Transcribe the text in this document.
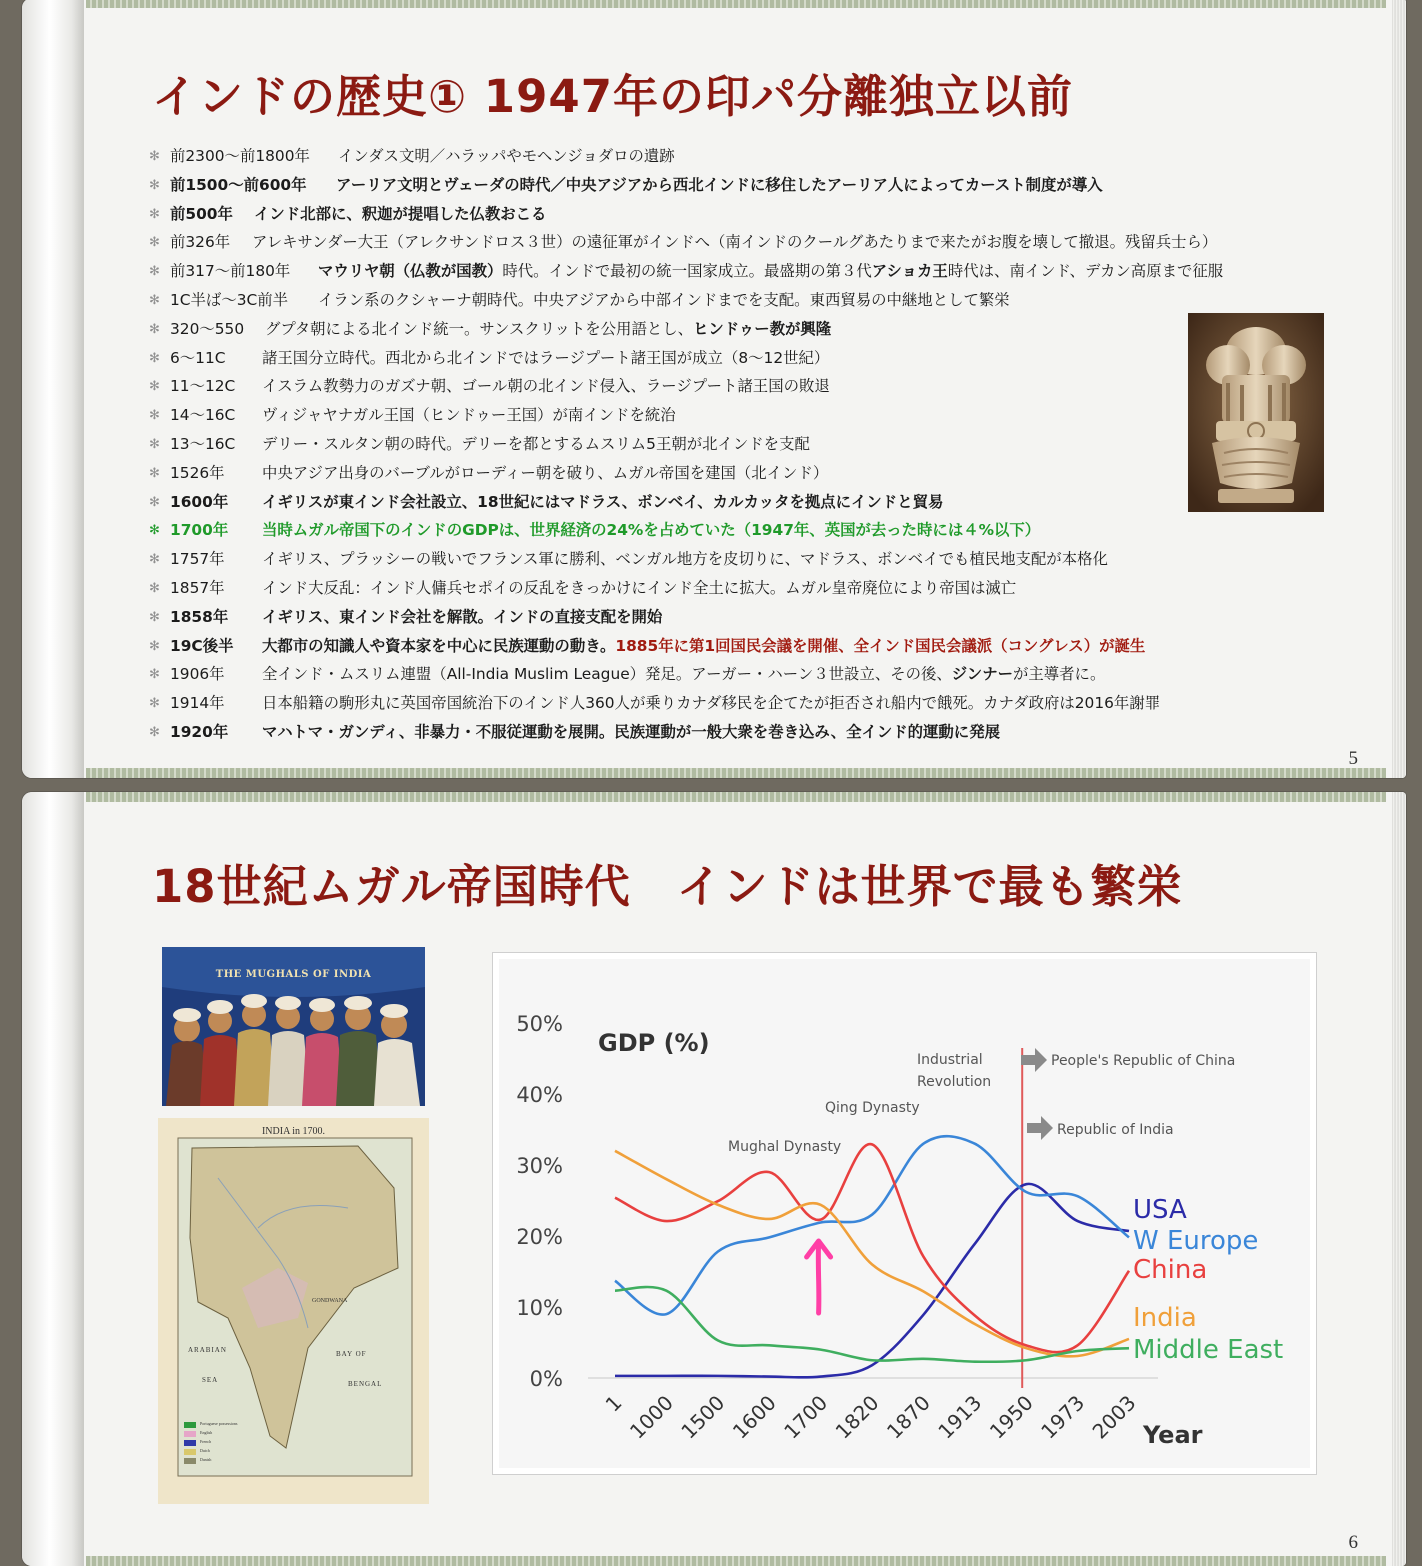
インドの歴史① 1947年の印パ分離独立以前
✻ 前2300～前1800年	インダス文明／ハラッパやモヘンジョダロの遺跡
✻ 前1500～前600年	アーリア文明とヴェーダの時代／中央アジアから西北インドに移住したアーリア人によってカースト制度が導入
✻ 前500年	インド北部に、釈迦が提唱した仏教おこる
✻ 前326年	アレキサンダー大王（アレクサンドロス３世）の遠征軍がインドへ（南インドのクールグあたりまで来たがお腹を壊して撤退。残留兵士ら）
✻ 前317～前180年	マウリヤ朝（仏教が国教） 時代。インドで最初の統一国家成立。最盛期の第３代 アショカ王 時代は、南インド、デカン高原まで征服
✻ 1C半ば～3C前半	イラン系のクシャーナ朝時代。中央アジアから中部インドまでを支配。東西貿易の中継地として繁栄
✻ 320～550	グプタ朝による北インド統一。サンスクリットを公用語とし、 ヒンドゥー教が興隆
✻ 6～11C	諸王国分立時代。西北から北インドではラージプート諸王国が成立（8～12世紀）
✻ 11～12C	イスラム教勢力のガズナ朝、ゴール朝の北インド侵入、ラージプート諸王国の敗退
✻ 14～16C	ヴィジャヤナガル王国（ヒンドゥー王国）が南インドを統治
✻ 13～16C	デリー・スルタン朝の時代。デリーを都とするムスリム5王朝が北インドを支配
✻ 1526年	中央アジア出身のバーブルがローディー朝を破り、ムガル帝国を建国（北インド）
✻ 1600年	イギリスが東インド会社設立、18世紀にはマドラス、ボンベイ、カルカッタを拠点にインドと貿易
✻ 1700年	当時ムガル帝国下のインドのGDPは、世界経済の24%を占めていた（1947年、英国が去った時には４%以下）
✻ 1757年	イギリス、プラッシーの戦いでフランス軍に勝利、ベンガル地方を皮切りに、マドラス、ボンベイでも植民地支配が本格化
✻ 1857年	インド大反乱：インド人傭兵セポイの反乱をきっかけにインド全土に拡大。ムガル皇帝廃位により帝国は滅亡
✻ 1858年	イギリス、東インド会社を解散。インドの直接支配を開始
✻ 19C後半	大都市の知識人や資本家を中心に民族運動の動き。 1885年に第1回国民会議を開催、全インド国民会議派（コングレス）が誕生
✻ 1906年	全インド・ムスリム連盟（All-India Muslim League）発足。アーガー・ハーン３世設立、その後、 ジンナー が主導者に。
✻ 1914年	日本船籍の駒形丸に英国帝国統治下のインド人360人が乗りカナダ移民を企てたが拒否され船内で餓死。カナダ政府は2016年謝罪
✻ 1920年	マハトマ・ガンディ、非暴力・不服従運動を展開。民族運動が一般大衆を巻き込み、全インド的運動に発展
5
18世紀ムガル帝国時代　インドは世界で最も繁栄
THE MUGHALS OF INDIA
INDIA in 1700.
ARABIAN
SEA
BAY OF
BENGAL
GONDWANA
Portuguese possessions
English
French
Dutch
Danish
0%
10%
20%
30%
40%
50%
1
1000
1500
1600
1700
1820
1870
1913
1950
1973
2003 Year
GDP (%)
USA
W Europe
China
India
Middle East
Mughal Dynasty
Qing Dynasty
Industrial
Revolution
People's Republic of China
Republic of India
6
